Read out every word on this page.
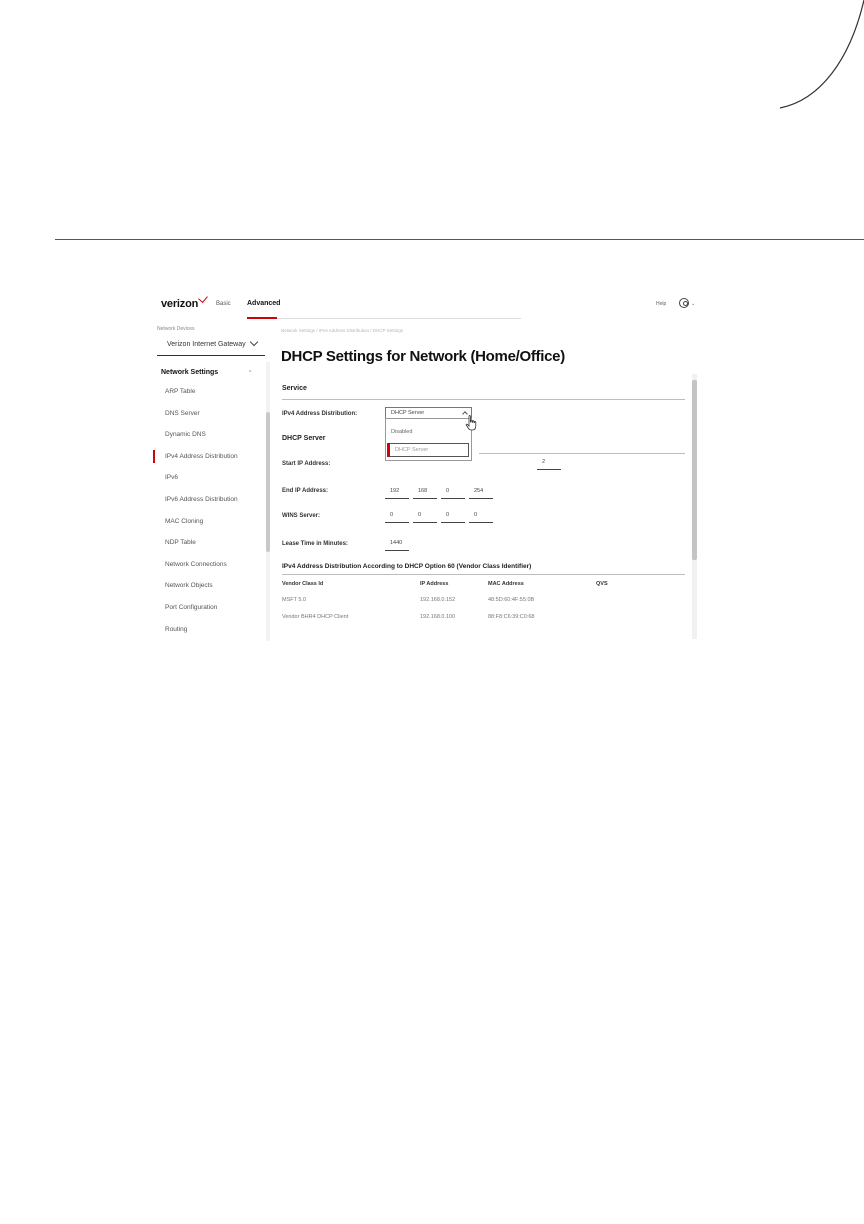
verizon	Basic Advanced	Help	⌄
Network Devices
Verizon Internet Gateway
Network Settings	^
ARP Table
DNS Server
Dynamic DNS
IPv4 Address Distribution
IPv6
IPv6 Address Distribution
MAC Cloning
NDP Table
Network Connections
Network Objects
Port Configuration
Routing
Network Settings / IPv4 Address Distribution / DHCP Settings
DHCP Settings for Network (Home/Office)
Service
IPv4 Address Distribution:	DHCP Server
DHCP Server
Start IP Address:	2
End IP Address:	192	168	0	254
WINS Server:	0	0	0	0
Lease Time in Minutes:	1440
IPv4 Address Distribution According to DHCP Option 60 (Vendor Class Identifier)
Vendor Class Id	IP Address	MAC Address	QVS
MSFT 5.0	192.168.0.152	48:5D:60:4F:55:0B
Vendor BHR4 DHCP Client	192.168.0.100	88:F8:C6:39:C0:68
Disabled
DHCP Server
